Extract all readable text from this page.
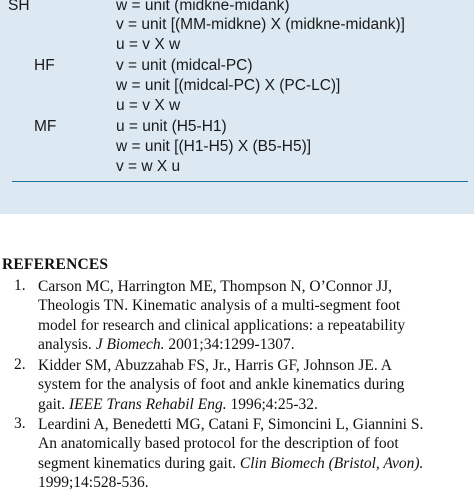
SH	w = unit (midkne-midank)
v = unit [(MM-midkne) X (midkne-midank)]
u = v X w
HF	v = unit (midcal-PC)
w = unit [(midcal-PC) X (PC-LC)]
u = v X w
MF	u = unit (H5-H1)
w = unit [(H1-H5) X (B5-H5)]
v = w X u
REFERENCES
1. Carson MC, Harrington ME, Thompson N, O’Connor JJ,
Theologis TN. Kinematic analysis of a multi-segment foot
model for research and clinical applications: a repeatability
analysis. J Biomech. 2001;34:1299-1307.
2. Kidder SM, Abuzzahab FS, Jr., Harris GF, Johnson JE. A
system for the analysis of foot and ankle kinematics during
gait. IEEE Trans Rehabil Eng. 1996;4:25-32.
3. Leardini A, Benedetti MG, Catani F, Simoncini L, Giannini S.
An anatomically based protocol for the description of foot
segment kinematics during gait. Clin Biomech (Bristol, Avon).
1999;14:528-536.
